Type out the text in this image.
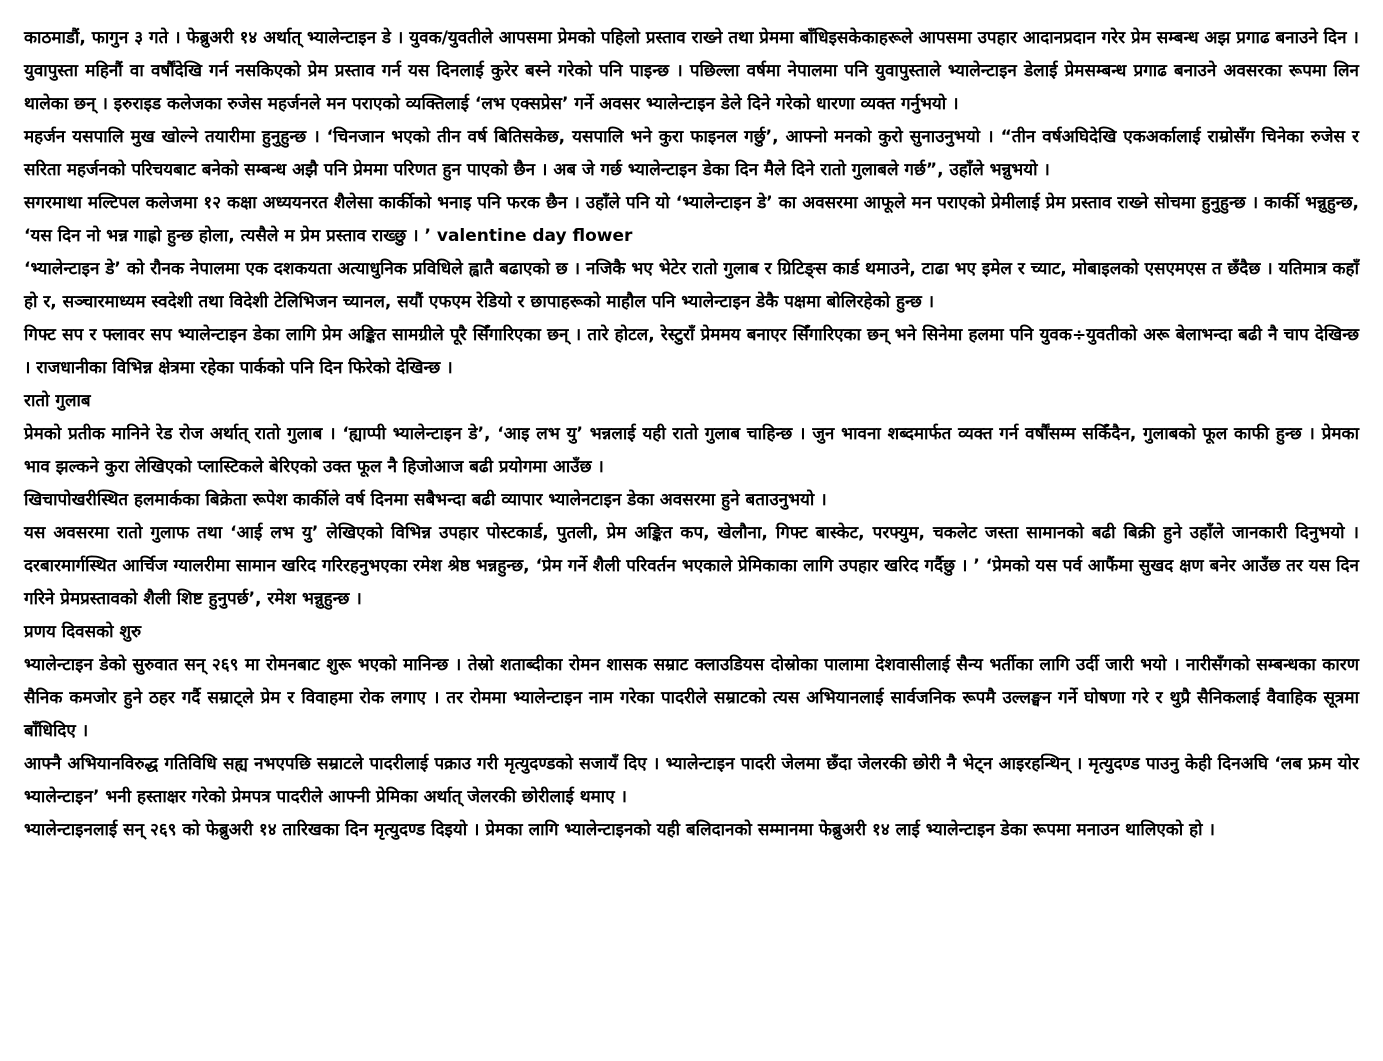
काठमाडौं, फागुन ३ गते । फेब्रुअरी १४ अर्थात् भ्यालेन्टाइन डे । युवक/युवतीले आपसमा प्रेमको पहिलो प्रस्ताव राख्ने तथा प्रेममा बाँधिइसकेकाहरूले आपसमा उपहार आदानप्रदान गरेर प्रेम सम्बन्ध अझ प्रगाढ बनाउने दिन ।

युवापुस्ता महिनौं वा वर्षौंदेखि गर्न नसकिएको प्रेम प्रस्ताव गर्न यस दिनलाई कुरेर बस्ने गरेको पनि पाइन्छ । पछिल्ला वर्षमा नेपालमा पनि युवापुस्ताले भ्यालेन्टाइन डेलाई प्रेमसम्बन्ध प्रगाढ बनाउने अवसरका रूपमा लिन थालेका छन् । इरुराइड कलेजका रुजेस महर्जनले मन पराएको व्यक्तिलाई ‘लभ एक्सप्रेस’ गर्ने अवसर भ्यालेन्टाइन डेले दिने गरेको धारणा व्यक्त गर्नुभयो ।

महर्जन यसपालि मुख खोल्ने तयारीमा हुनुहुन्छ । ‘चिनजान भएको तीन वर्ष बितिसकेछ, यसपालि भने कुरा फाइनल गर्छु’, आफ्नो मनको कुरो सुनाउनुभयो । “तीन वर्षअघिदेखि एकअर्कालाई राम्रोसँग चिनेका रुजेस र सरिता महर्जनको परिचयबाट बनेको सम्बन्ध अझै पनि प्रेममा परिणत हुन पाएको छैन । अब जे गर्छ भ्यालेन्टाइन डेका दिन मैले दिने रातो गुलाबले गर्छ”, उहाँले भन्नुभयो ।

सगरमाथा मल्टिपल कलेजमा १२ कक्षा अध्ययनरत शैलेसा कार्कीको भनाइ पनि फरक छैन । उहाँले पनि यो ‘भ्यालेन्टाइन डे’ का अवसरमा आफूले मन पराएको प्रेमीलाई प्रेम प्रस्ताव राख्ने सोचमा हुनुहुन्छ । कार्की भन्नुहुन्छ, ‘यस दिन नो भन्न गाह्रो हुन्छ होला, त्यसैले म प्रेम प्रस्ताव राख्छु । ’ valentine day flower

‘भ्यालेन्टाइन डे’ को रौनक नेपालमा एक दशकयता अत्याधुनिक प्रविधिले ह्वातै बढाएको छ । नजिकै भए भेटेर रातो गुलाब र ग्रिटिङ्स कार्ड थमाउने, टाढा भए इमेल र च्याट, मोबाइलको एसएमएस त छँदैछ । यतिमात्र कहाँ हो र, सञ्चारमाध्यम स्वदेशी तथा विदेशी टेलिभिजन च्यानल, सयौं एफएम रेडियो र छापाहरूको माहौल पनि भ्यालेन्टाइन डेकै पक्षमा बोलिरहेको हुन्छ ।

गिफ्ट सप र फ्लावर सप भ्यालेन्टाइन डेका लागि प्रेम अङ्कित सामग्रीले पूरै सिँगारिएका छन् । तारे होटल, रेस्टुराँ प्रेममय बनाएर सिँगारिएका छन् भने सिनेमा हलमा पनि युवक÷युवतीको अरू बेलाभन्दा बढी नै चाप देखिन्छ । राजधानीका विभिन्न क्षेत्रमा रहेका पार्कको पनि दिन फिरेको देखिन्छ ।

रातो गुलाब

प्रेमको प्रतीक मानिने रेड रोज अर्थात् रातो गुलाब । ‘ह्याप्पी भ्यालेन्टाइन डे’, ‘आइ लभ यु’ भन्नलाई यही रातो गुलाब चाहिन्छ । जुन भावना शब्दमार्फत व्यक्त गर्न वर्षौंसम्म सकिँदैन, गुलाबको फूल काफी हुन्छ । प्रेमका भाव झल्कने कुरा लेखिएको प्लास्टिकले बेरिएको उक्त फूल नै हिजोआज बढी प्रयोगमा आउँछ ।

खिचापोखरीस्थित हलमार्कका बिक्रेता रूपेश कार्कीले वर्ष दिनमा सबैभन्दा बढी व्यापार भ्यालेनटाइन डेका अवसरमा हुने बताउनुभयो ।

यस अवसरमा रातो गुलाफ तथा ‘आई लभ यु’ लेखिएको विभिन्न उपहार पोस्टकार्ड, पुतली, प्रेम अङ्कित कप, खेलौना, गिफ्ट बास्केट, परफ्युम, चकलेट जस्ता सामानको बढी बिक्री हुने उहाँले जानकारी दिनुभयो । दरबारमार्गस्थित आर्चिज ग्यालरीमा सामान खरिद गरिरहनुभएका रमेश श्रेष्ठ भन्नहुन्छ, ‘प्रेम गर्ने शैली परिवर्तन भएकाले प्रेमिकाका लागि उपहार खरिद गर्दैछु । ’ ‘प्रेमको यस पर्व आफैंमा सुखद क्षण बनेर आउँछ तर यस दिन गरिने प्रेमप्रस्तावको शैली शिष्ट हुनुपर्छ’, रमेश भन्नुहुन्छ ।

प्रणय दिवसको शुरु

भ्यालेन्टाइन डेको सुरुवात सन् २६९ मा रोमनबाट शुरू भएको मानिन्छ । तेस्रो शताब्दीका रोमन शासक सम्राट क्लाउडियस दोस्रोका पालामा देशवासीलाई सैन्य भर्तीका लागि उर्दी जारी भयो । नारीसँगको सम्बन्धका कारण सैनिक कमजोर हुने ठहर गर्दै सम्राट्ले प्रेम र विवाहमा रोक लगाए । तर रोममा भ्यालेन्टाइन नाम गरेका पादरीले सम्राटको त्यस अभियानलाई सार्वजनिक रूपमै उल्लङ्घन गर्ने घोषणा गरे र थुप्रै सैनिकलाई वैवाहिक सूत्रमा बाँधिदिए ।

आफ्नै अभियानविरुद्ध गतिविधि सह्य नभएपछि सम्राटले पादरीलाई पक्राउ गरी मृत्युदण्डको सजायँ दिए । भ्यालेन्टाइन पादरी जेलमा छँदा जेलरकी छोरी नै भेट्न आइरहन्थिन् । मृत्युदण्ड पाउनु केही दिनअघि ‘लब फ्रम योर भ्यालेन्टाइन’ भनी हस्ताक्षर गरेको प्रेमपत्र पादरीले आफ्नी प्रेमिका अर्थात् जेलरकी छोरीलाई थमाए ।

भ्यालेन्टाइनलाई सन् २६९ को फेब्रुअरी १४ तारिखका दिन मृत्युदण्ड दिइयो । प्रेमका लागि भ्यालेन्टाइनको यही बलिदानको सम्मानमा फेब्रुअरी १४ लाई भ्यालेन्टाइन डेका रूपमा मनाउन थालिएको हो ।
